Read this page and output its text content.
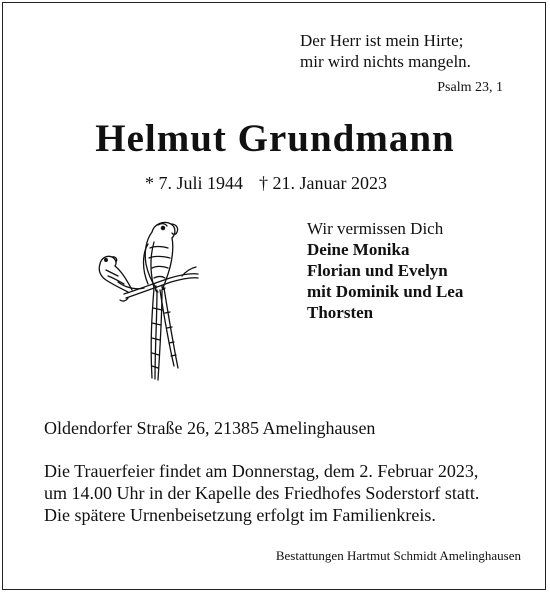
Der Herr ist mein Hirte;
mir wird nichts mangeln.
Psalm 23, 1
Helmut Grundmann
* 7. Juli 1944 † 21. Januar 2023
Wir vermissen Dich
Deine Monika
Florian und Evelyn
mit Dominik und Lea
Thorsten
Oldendorfer Straße 26, 21385 Amelinghausen
Die Trauerfeier findet am Donnerstag, dem 2. Februar 2023,
um 14.00 Uhr in der Kapelle des Friedhofes Soderstorf statt.
Die spätere Urnenbeisetzung erfolgt im Familienkreis.
Bestattungen Hartmut Schmidt Amelinghausen
